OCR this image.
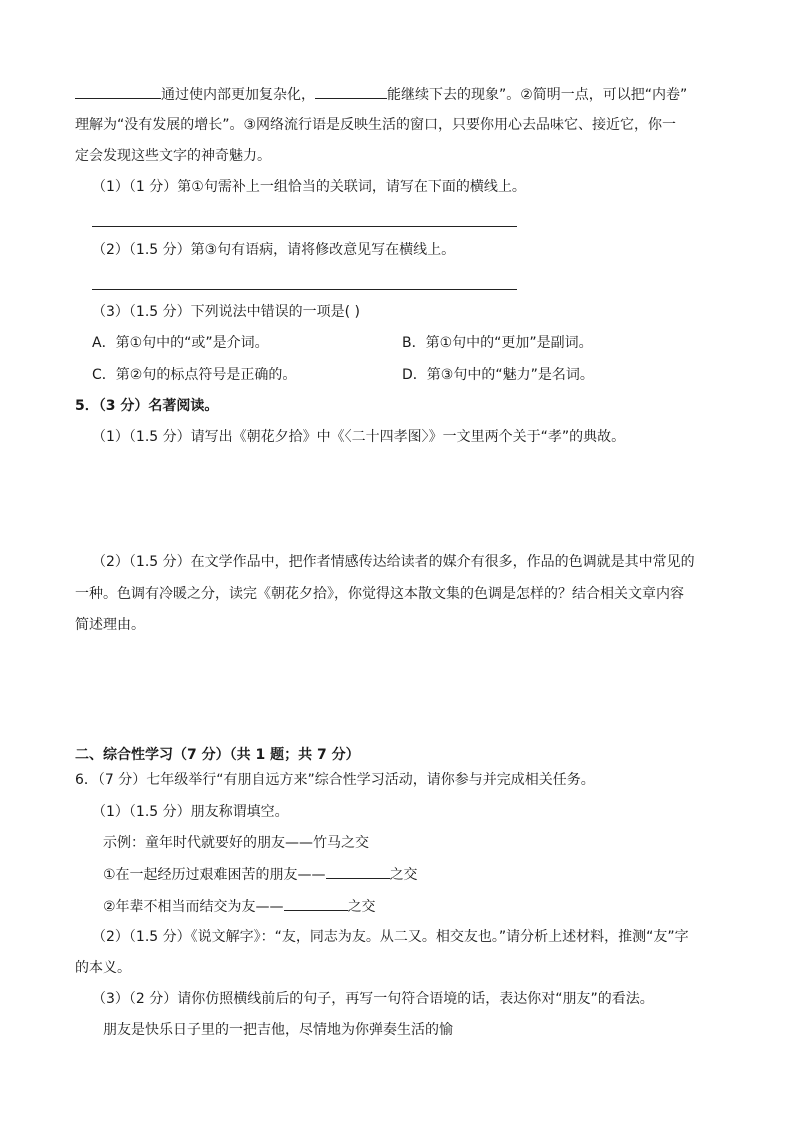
通过使内部更加复杂化，	能继续下去的现象”。②简明一点，可以把“内卷”
理解为“没有发展的增长”。③网络流行语是反映生活的窗口，只要你用心去品味它、接近它，你一
定会发现这些文字的神奇魅力。
（1）（1 分）第①句需补上一组恰当的关联词，请写在下面的横线上。
（2）（1.5 分）第③句有语病，请将修改意见写在横线上。
（3）（1.5 分）下列说法中错误的一项是( )
A．第①句中的“或”是介词。	B．第①句中的“更加”是副词。
C．第②句的标点符号是正确的。	D．第③句中的“魅力”是名词。
5．（3 分）名著阅读。
（1）（1.5 分）请写出《朝花夕拾》中《〈二十四孝图〉》一文里两个关于“孝”的典故。
（2）（1.5 分）在文学作品中，把作者情感传达给读者的媒介有很多，作品的色调就是其中常见的
一种。色调有冷暖之分，读完《朝花夕拾》，你觉得这本散文集的色调是怎样的？结合相关文章内容
简述理由。
二、综合性学习（7 分）（共 1 题；共 7 分）
6．（7 分）七年级举行“有朋自远方来”综合性学习活动，请你参与并完成相关任务。
（1）（1.5 分）朋友称谓填空。
示例：童年时代就要好的朋友——竹马之交
①在一起经历过艰难困苦的朋友——	之交
②年辈不相当而结交为友——	之交
（2）（1.5 分）《说文解字》：“友，同志为友。从二又。相交友也。”请分析上述材料，推测“友”字
的本义。
（3）（2 分）请你仿照横线前后的句子，再写一句符合语境的话，表达你对“朋友”的看法。
朋友是快乐日子里的一把吉他，尽情地为你弹奏生活的愉
